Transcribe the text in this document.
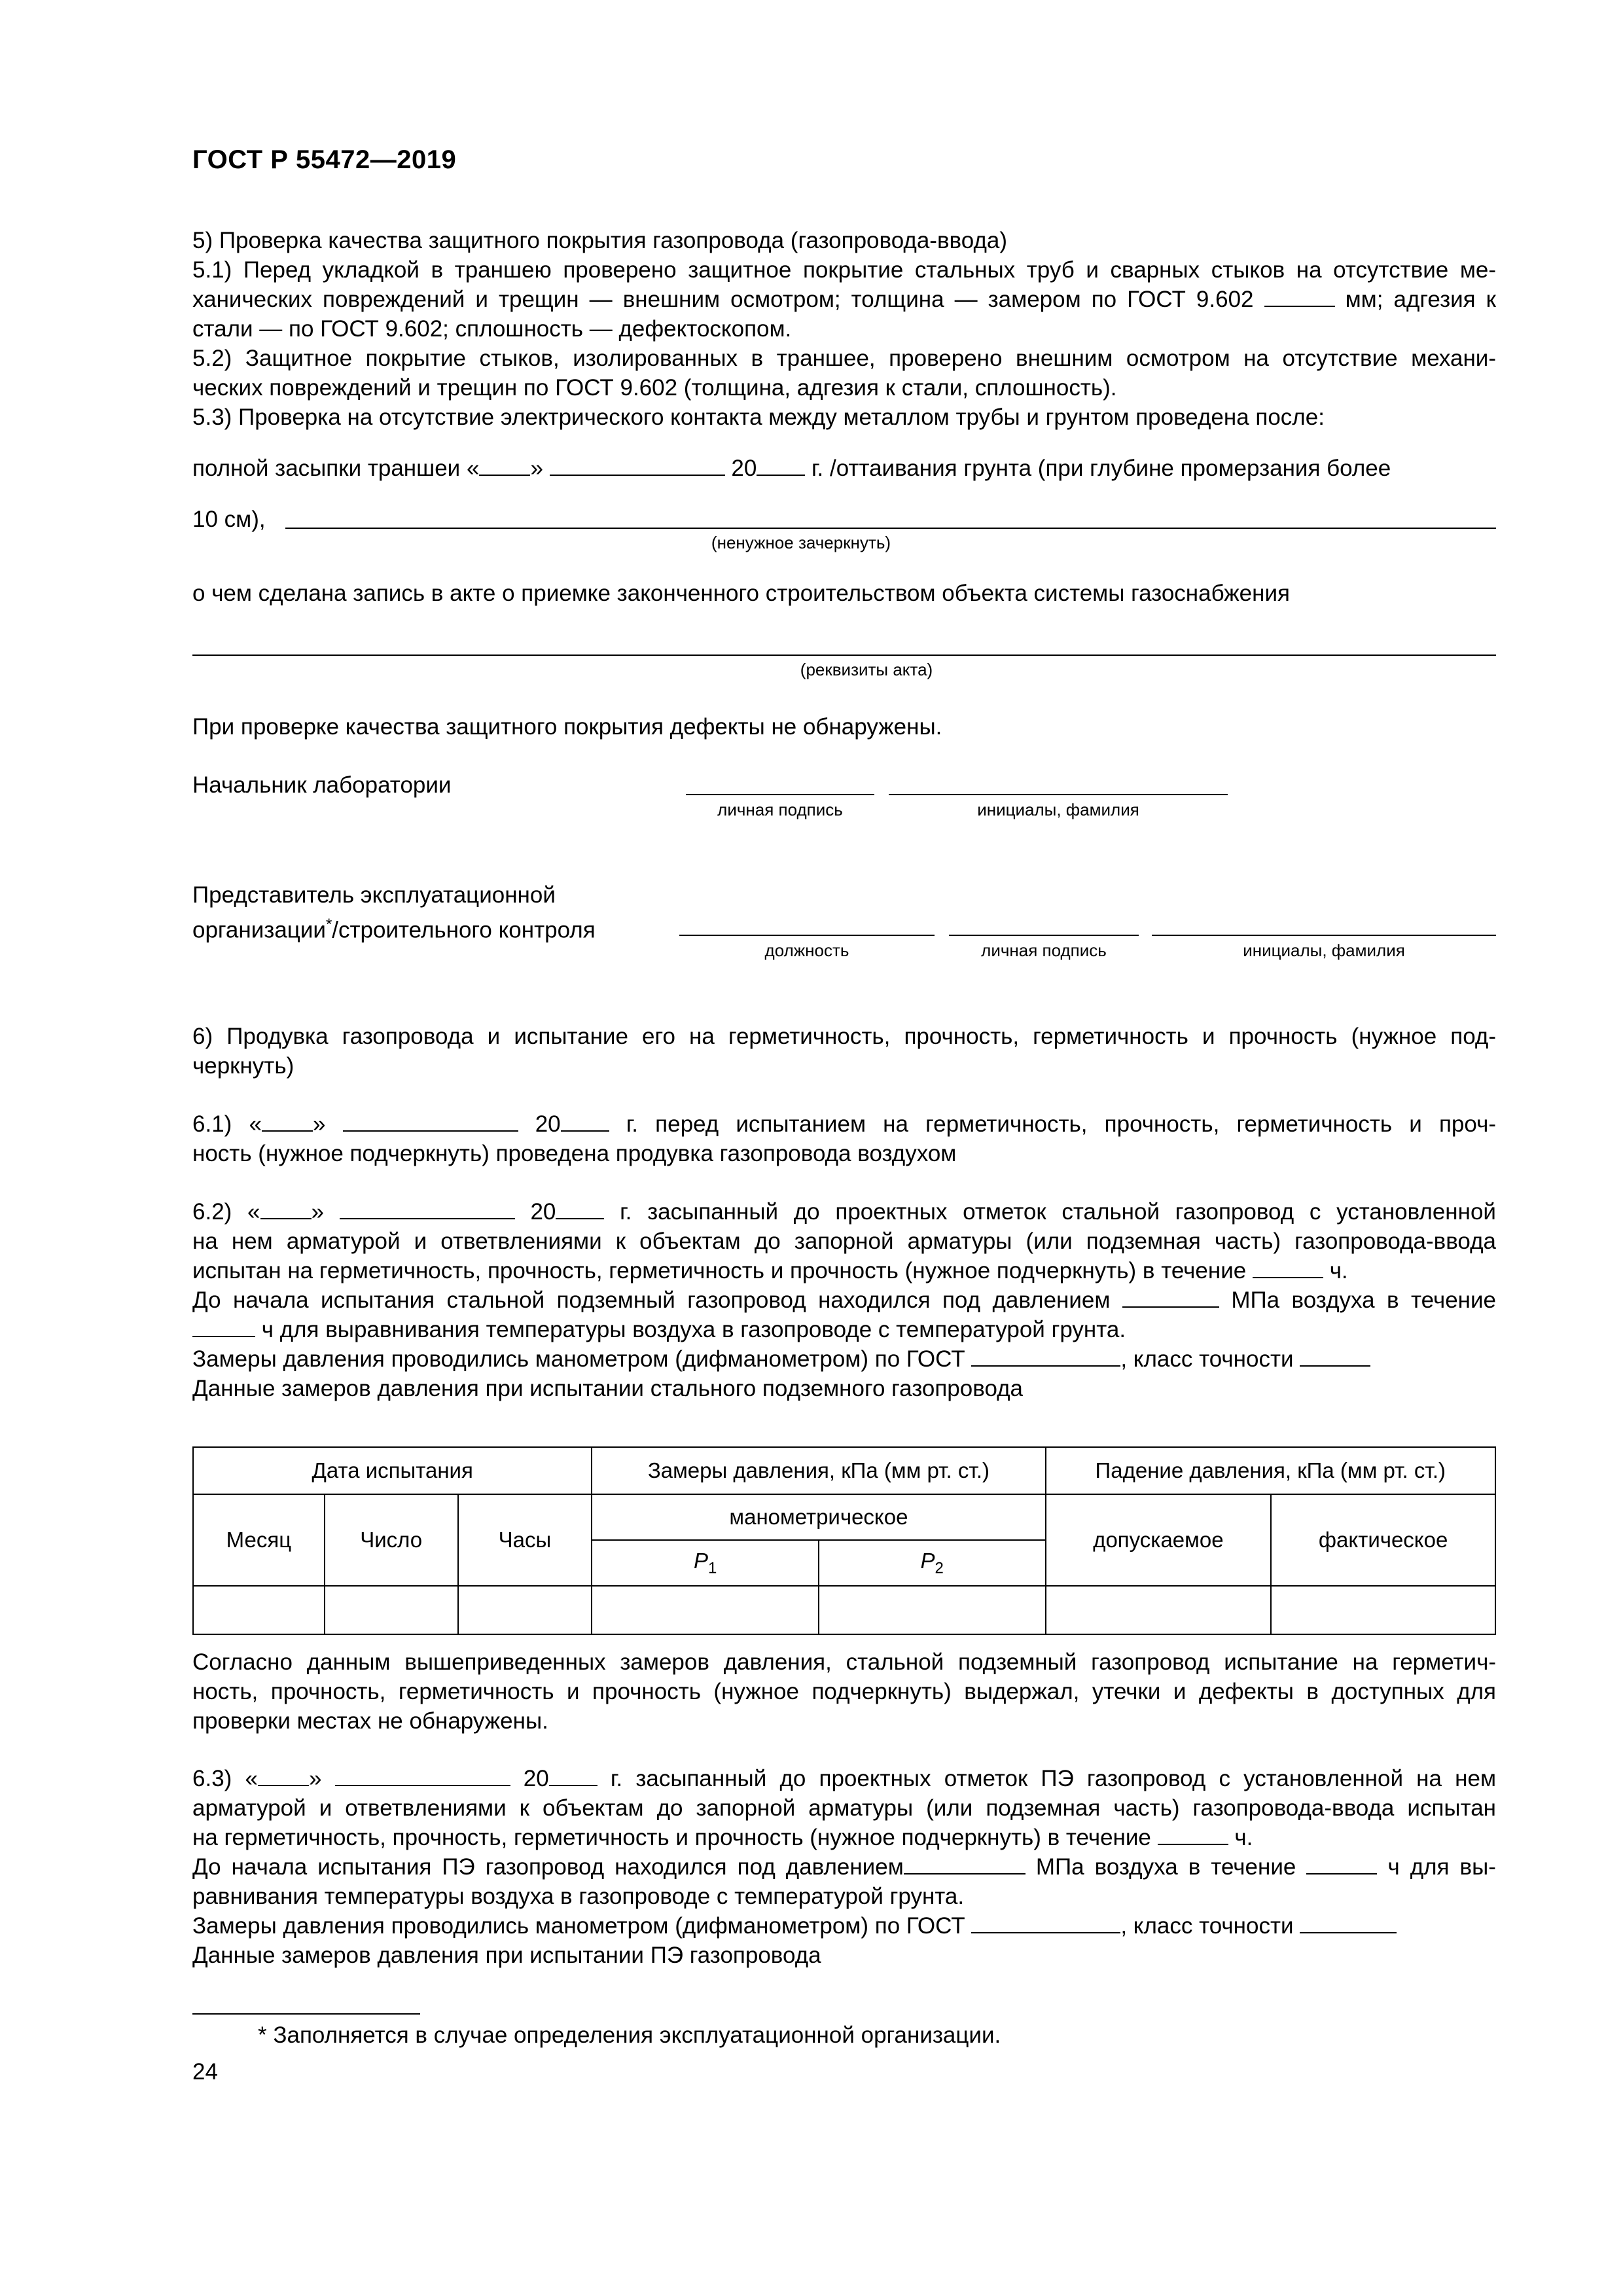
ГОСТ Р 55472—2019
5) Проверка качества защитного покрытия газопровода (газопровода-ввода)
5.1) Перед укладкой в траншею проверено защитное покрытие стальных труб и сварных стыков на отсутствие ме-
ханических повреждений и трещин — внешним осмотром; толщина — замером по ГОСТ 9.602	мм; адгезия к
стали — по ГОСТ 9.602; сплошность — дефектоскопом.
5.2) Защитное покрытие стыков, изолированных в траншее, проверено внешним осмотром на отсутствие механи-
ческих повреждений и трещин по ГОСТ 9.602 (толщина, адгезия к стали, сплошность).
5.3) Проверка на отсутствие электрического контакта между металлом трубы и грунтом проведена после:
полной засыпки траншеи « »	20 г. /оттаивания грунта (при глубине промерзания более
10 см),
(ненужное зачеркнуть)
о чем сделана запись в акте о приемке законченного строительством объекта системы газоснабжения
(реквизиты акта)
При проверке качества защитного покрытия дефекты не обнаружены.
Начальник лаборатории
личная подпись	инициалы, фамилия
Представитель эксплуатационной
организации*/строительного контроля
должность	личная подпись	инициалы, фамилия
6) Продувка газопровода и испытание его на герметичность, прочность, герметичность и прочность (нужное под-
черкнуть)
6.1) « »	20	г. перед испытанием на герметичность, прочность, герметичность и проч-
ность (нужное подчеркнуть) проведена продувка газопровода воздухом
6.2) « »	20	г. засыпанный до проектных отметок стальной газопровод с установленной
на нем арматурой и ответвлениями к объектам до запорной арматуры (или подземная часть) газопровода-ввода
испытан на герметичность, прочность, герметичность и прочность (нужное подчеркнуть) в течение	ч.
До начала испытания стальной подземный газопровод находился под давлением	МПа воздуха в течение
ч для выравнивания температуры воздуха в газопроводе с температурой грунта.
Замеры давления проводились манометром (дифманометром) по ГОСТ	, класс точности
Данные замеров давления при испытании стального подземного газопровода
Дата испытания			Замеры давления, кПа (мм рт. ст.)		Падение давления, кПа (мм рт. ст.)	
Месяц	Число	Часы	манометрическое		допускаемое	фактическое
			$P_1$	$P_2$

Согласно данным вышеприведенных замеров давления, стальной подземный газопровод испытание на герметич-
ность, прочность, герметичность и прочность (нужное подчеркнуть) выдержал, утечки и дефекты в доступных для
проверки местах не обнаружены.
6.3) « »	20	г. засыпанный до проектных отметок ПЭ газопровод с установленной на нем
арматурой и ответвлениями к объектам до запорной арматуры (или подземная часть) газопровода-ввода испытан
на герметичность, прочность, герметичность и прочность (нужное подчеркнуть) в течение	ч.
До начала испытания ПЭ газопровод находился под давлением	МПа воздуха в течение	ч для вы-
равнивания температуры воздуха в газопроводе с температурой грунта.
Замеры давления проводились манометром (дифманометром) по ГОСТ	, класс точности
Данные замеров давления при испытании ПЭ газопровода
* Заполняется в случае определения эксплуатационной организации.
24
